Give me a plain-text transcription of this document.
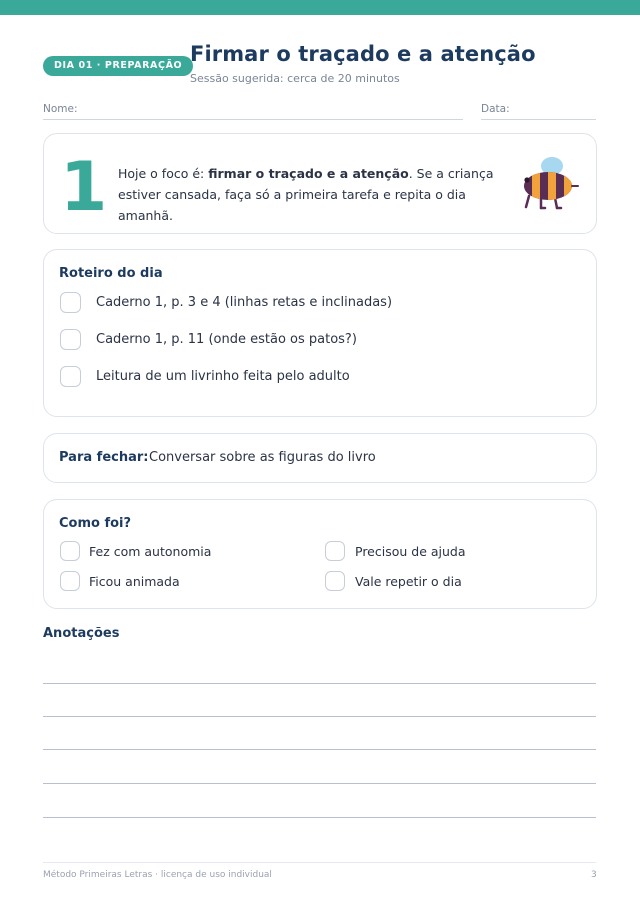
DIA 01 · PREPARAÇÃO Firmar o traçado e a atenção
Sessão sugerida: cerca de 20 minutos
Nome:	Data:
1 Hoje o foco é: firmar o traçado e a atenção. Se a criança estiver cansada, faça só a primeira tarefa e repita o dia amanhã.
Roteiro do dia
Caderno 1, p. 3 e 4 (linhas retas e inclinadas)
Caderno 1, p. 11 (onde estão os patos?)
Leitura de um livrinho feita pelo adulto
Para fechar: Conversar sobre as figuras do livro
Como foi?
Fez com autonomia	Precisou de ajuda
Ficou animada	Vale repetir o dia
Anotações
Método Primeiras Letras · licença de uso individual	3
